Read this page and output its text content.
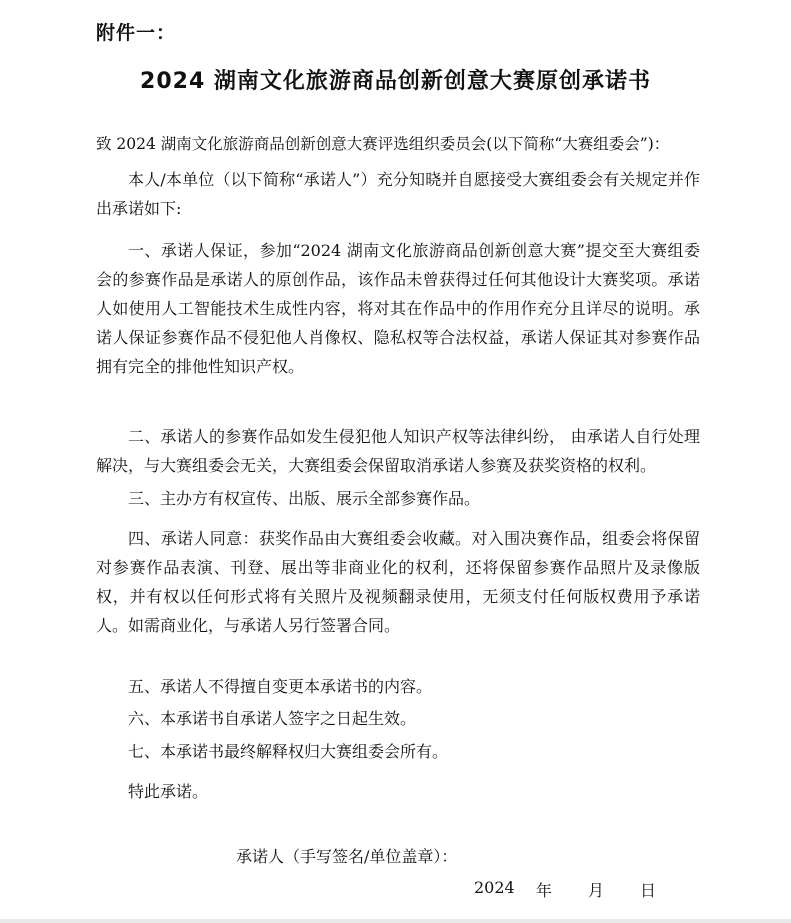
附件一：
2024 湖南文化旅游商品创新创意大赛原创承诺书
致 2024 湖南文化旅游商品创新创意大赛评选组织委员会(以下简称“大赛组委会”)：
本人/本单位（以下简称“承诺人”）充分知晓并自愿接受大赛组委会有关规定并作出承诺如下:
一、承诺人保证，参加“2024 湖南文化旅游商品创新创意大赛”提交至大赛组委会的参赛作品是承诺人的原创作品，该作品未曾获得过任何其他设计大赛奖项。承诺人如使用人工智能技术生成性内容，将对其在作品中的作用作充分且详尽的说明。承诺人保证参赛作品不侵犯他人肖像权、隐私权等合法权益，承诺人保证其对参赛作品拥有完全的排他性知识产权。
二、承诺人的参赛作品如发生侵犯他人知识产权等法律纠纷， 由承诺人自行处理解决，与大赛组委会无关，大赛组委会保留取消承诺人参赛及获奖资格的权利。
三、主办方有权宣传、出版、展示全部参赛作品。
四、承诺人同意：获奖作品由大赛组委会收藏。对入围决赛作品，组委会将保留对参赛作品表演、刊登、展出等非商业化的权利，还将保留参赛作品照片及录像版权，并有权以任何形式将有关照片及视频翻录使用，无须支付任何版权费用予承诺人。如需商业化，与承诺人另行签署合同。
五、承诺人不得擅自变更本承诺书的内容。
六、本承诺书自承诺人签字之日起生效。
七、本承诺书最终解释权归大赛组委会所有。
特此承诺。
承诺人（手写签名/单位盖章）：
2024 年 月 日
